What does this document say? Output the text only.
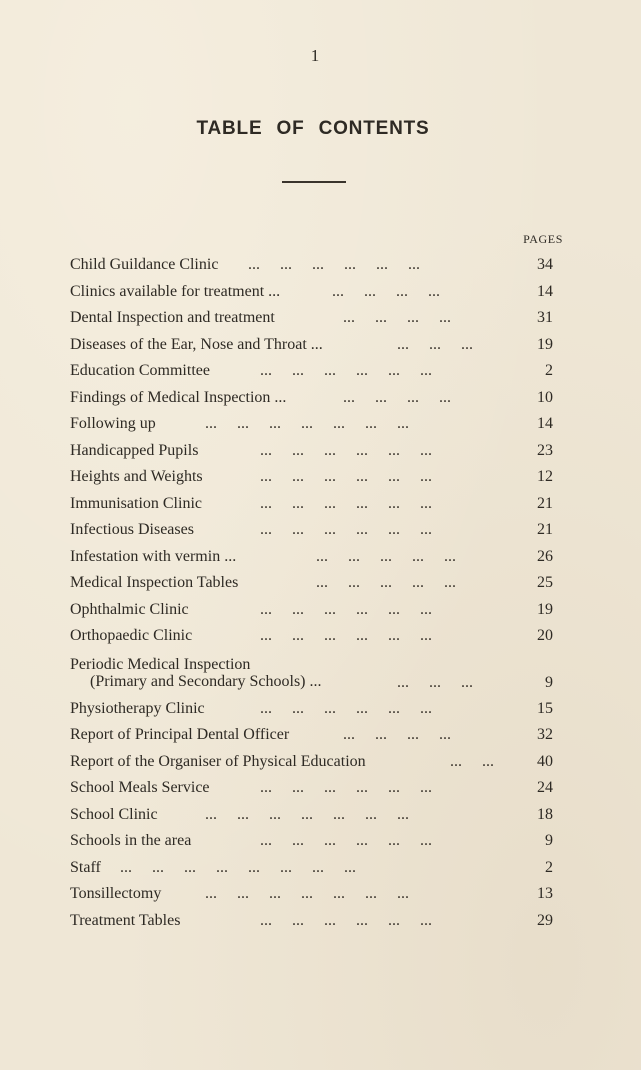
1
TABLE OF CONTENTS
PAGES
Child Guildance Clinic	...     ...     ...     ...     ...     ...	34
Clinics available for treatment ...	...     ...     ...     ...	14
Dental Inspection and treatment	...     ...     ...     ...	31
Diseases of the Ear, Nose and Throat ...	...     ...     ...	19
Education Committee	...     ...     ...     ...     ...     ...	2
Findings of Medical Inspection ...	...     ...     ...     ...	10
Following up	...     ...     ...     ...     ...     ...     ...	14
Handicapped Pupils	...     ...     ...     ...     ...     ...	23
Heights and Weights	...     ...     ...     ...     ...     ...	12
Immunisation Clinic	...     ...     ...     ...     ...     ...	21
Infectious Diseases	...     ...     ...     ...     ...     ...	21
Infestation with vermin ...	...     ...     ...     ...     ...	26
Medical Inspection Tables	...     ...     ...     ...     ...	25
Ophthalmic Clinic	...     ...     ...     ...     ...     ...	19
Orthopaedic Clinic	...     ...     ...     ...     ...     ...	20
Periodic Medical Inspection
(Primary and Secondary Schools) ...	...     ...     ...	9
Physiotherapy Clinic	...     ...     ...     ...     ...     ...	15
Report of Principal Dental Officer	...     ...     ...     ...	32
Report of the Organiser of Physical Education	...     ...	40
School Meals Service	...     ...     ...     ...     ...     ...	24
School Clinic	...     ...     ...     ...     ...     ...     ...	18
Schools in the area	...     ...     ...     ...     ...     ...	9
Staff	...     ...     ...     ...     ...     ...     ...     ...	2
Tonsillectomy	...     ...     ...     ...     ...     ...     ...	13
Treatment Tables	...     ...     ...     ...     ...     ...	29
